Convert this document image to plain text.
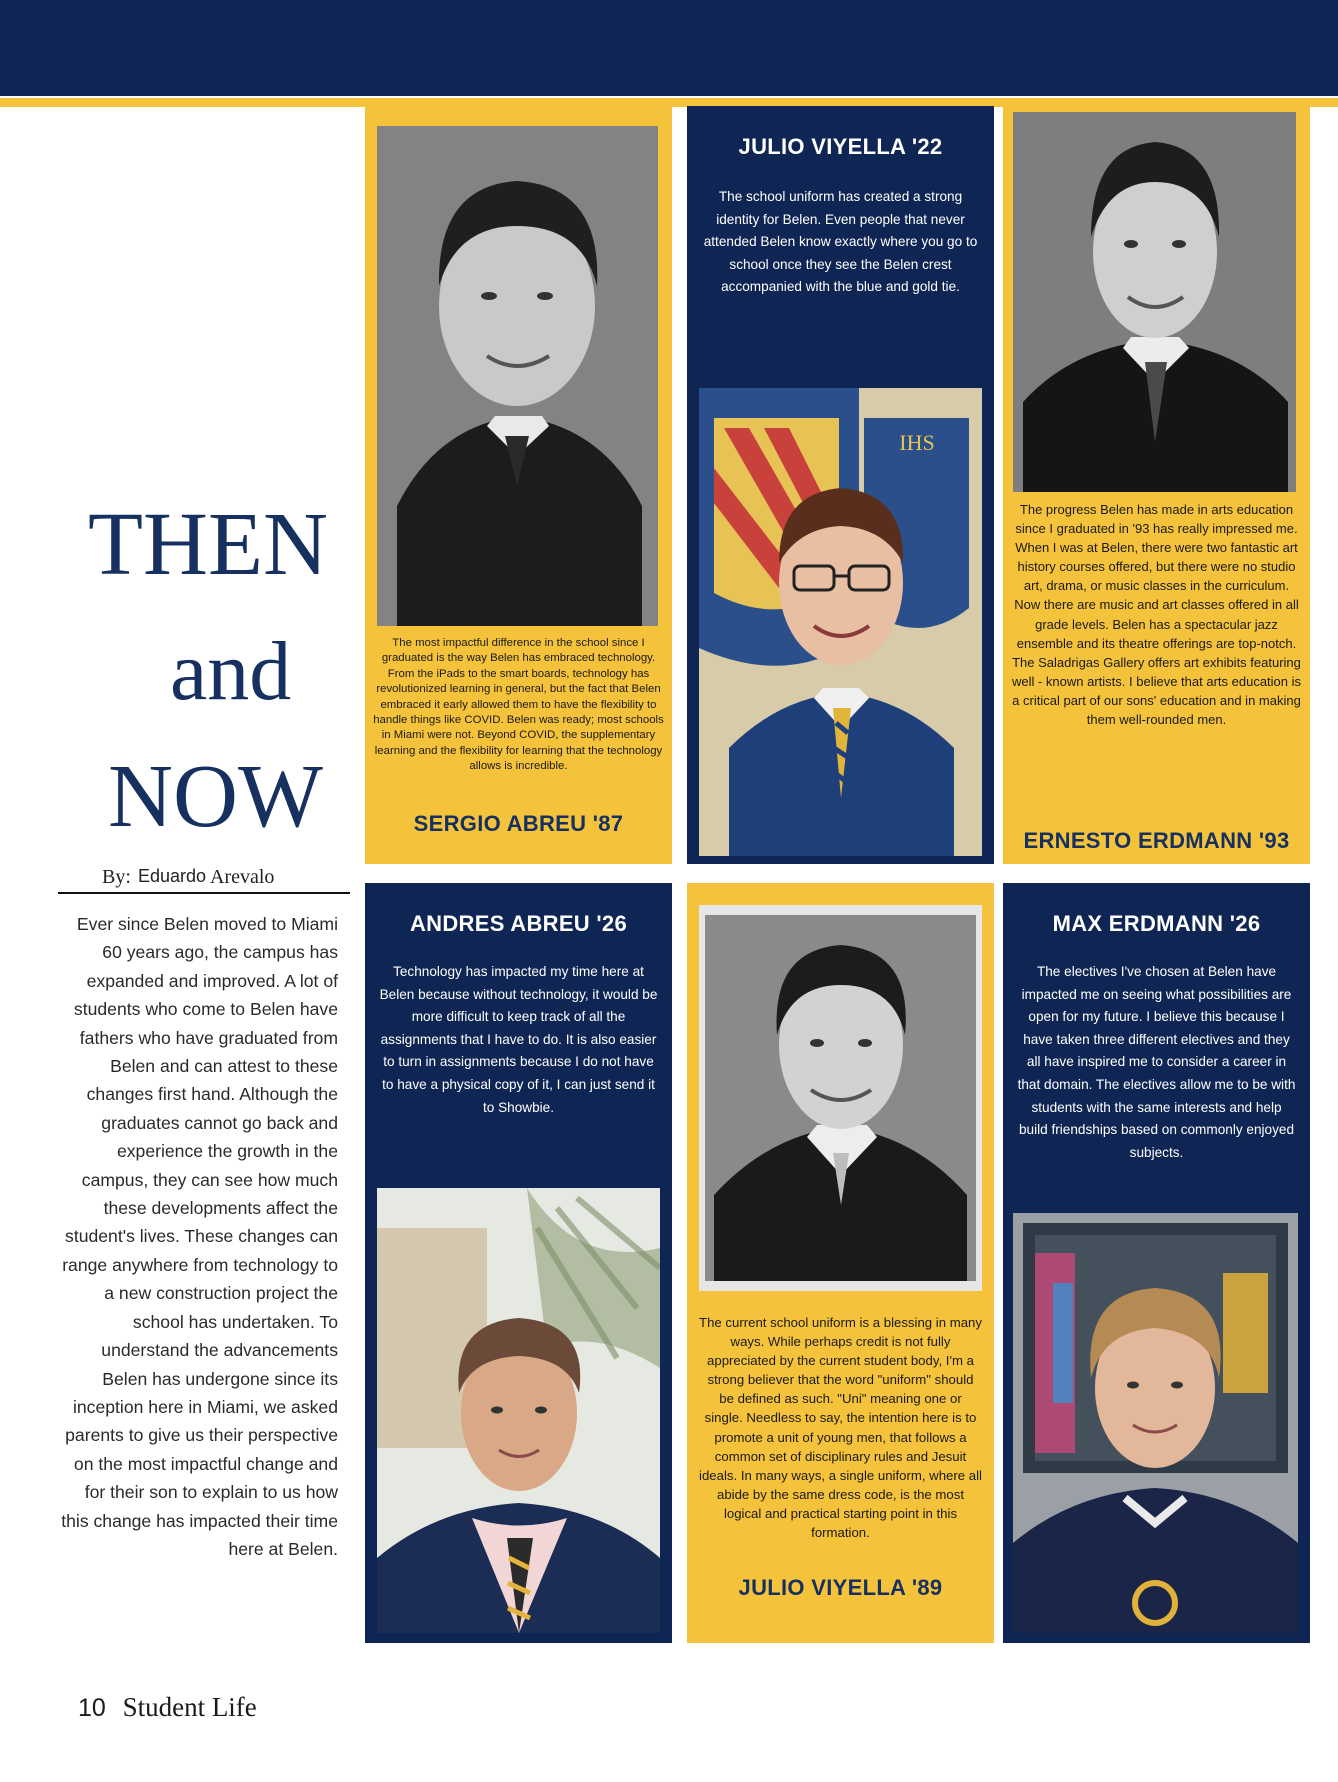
THEN
and
NOW
By: Eduardo Arevalo
Ever since Belen moved to Miami 60 years ago, the campus has expanded and improved. A lot of students who come to Belen have fathers who have graduated from Belen and can attest to these changes first hand. Although the graduates cannot go back and experience the growth in the campus, they can see how much these developments affect the student's lives. These changes can range anywhere from technology to a new construction project the school has undertaken. To understand the advancements Belen has undergone since its inception here in Miami, we asked parents to give us their perspective on the most impactful change and for their son to explain to us how this change has impacted their time here at Belen.
The most impactful difference in the school since I graduated is the way Belen has embraced technology. From the iPads to the smart boards, technology has revolutionized learning in general, but the fact that Belen embraced it early allowed them to have the flexibility to handle things like COVID. Belen was ready; most schools in Miami were not. Beyond COVID, the supplementary learning and the flexibility for learning that the technology allows is incredible.
SERGIO ABREU '87
JULIO VIYELLA '22
The school uniform has created a strong identity for Belen. Even people that never attended Belen know exactly where you go to school once they see the Belen crest accompanied with the blue and gold tie.
IHS
The progress Belen has made in arts education since I graduated in '93 has really impressed me. When I was at Belen, there were two fantastic art history courses offered, but there were no studio art, drama, or music classes in the curriculum. Now there are music and art classes offered in all grade levels. Belen has a spectacular jazz ensemble and its theatre offerings are top-notch. The Saladrigas Gallery offers art exhibits featuring well - known artists. I believe that arts education is a critical part of our sons' education and in making them well-rounded men.
ERNESTO ERDMANN '93
ANDRES ABREU '26
Technology has impacted my time here at Belen because without technology, it would be more difficult to keep track of all the assignments that I have to do. It is also easier to turn in assignments because I do not have to have a physical copy of it, I can just send it to Showbie.
The current school uniform is a blessing in many ways. While perhaps credit is not fully appreciated by the current student body, I'm a strong believer that the word "uniform" should be defined as such. "Uni" meaning one or single. Needless to say, the intention here is to promote a unit of young men, that follows a common set of disciplinary rules and Jesuit ideals. In many ways, a single uniform, where all abide by the same dress code, is the most logical and practical starting point in this formation.
JULIO VIYELLA '89
MAX ERDMANN '26
The electives I've chosen at Belen have impacted me on seeing what possibilities are open for my future. I believe this because I have taken three different electives and they all have inspired me to consider a career in that domain. The electives allow me to be with students with the same interests and help build friendships based on commonly enjoyed subjects.
10 Student Life
